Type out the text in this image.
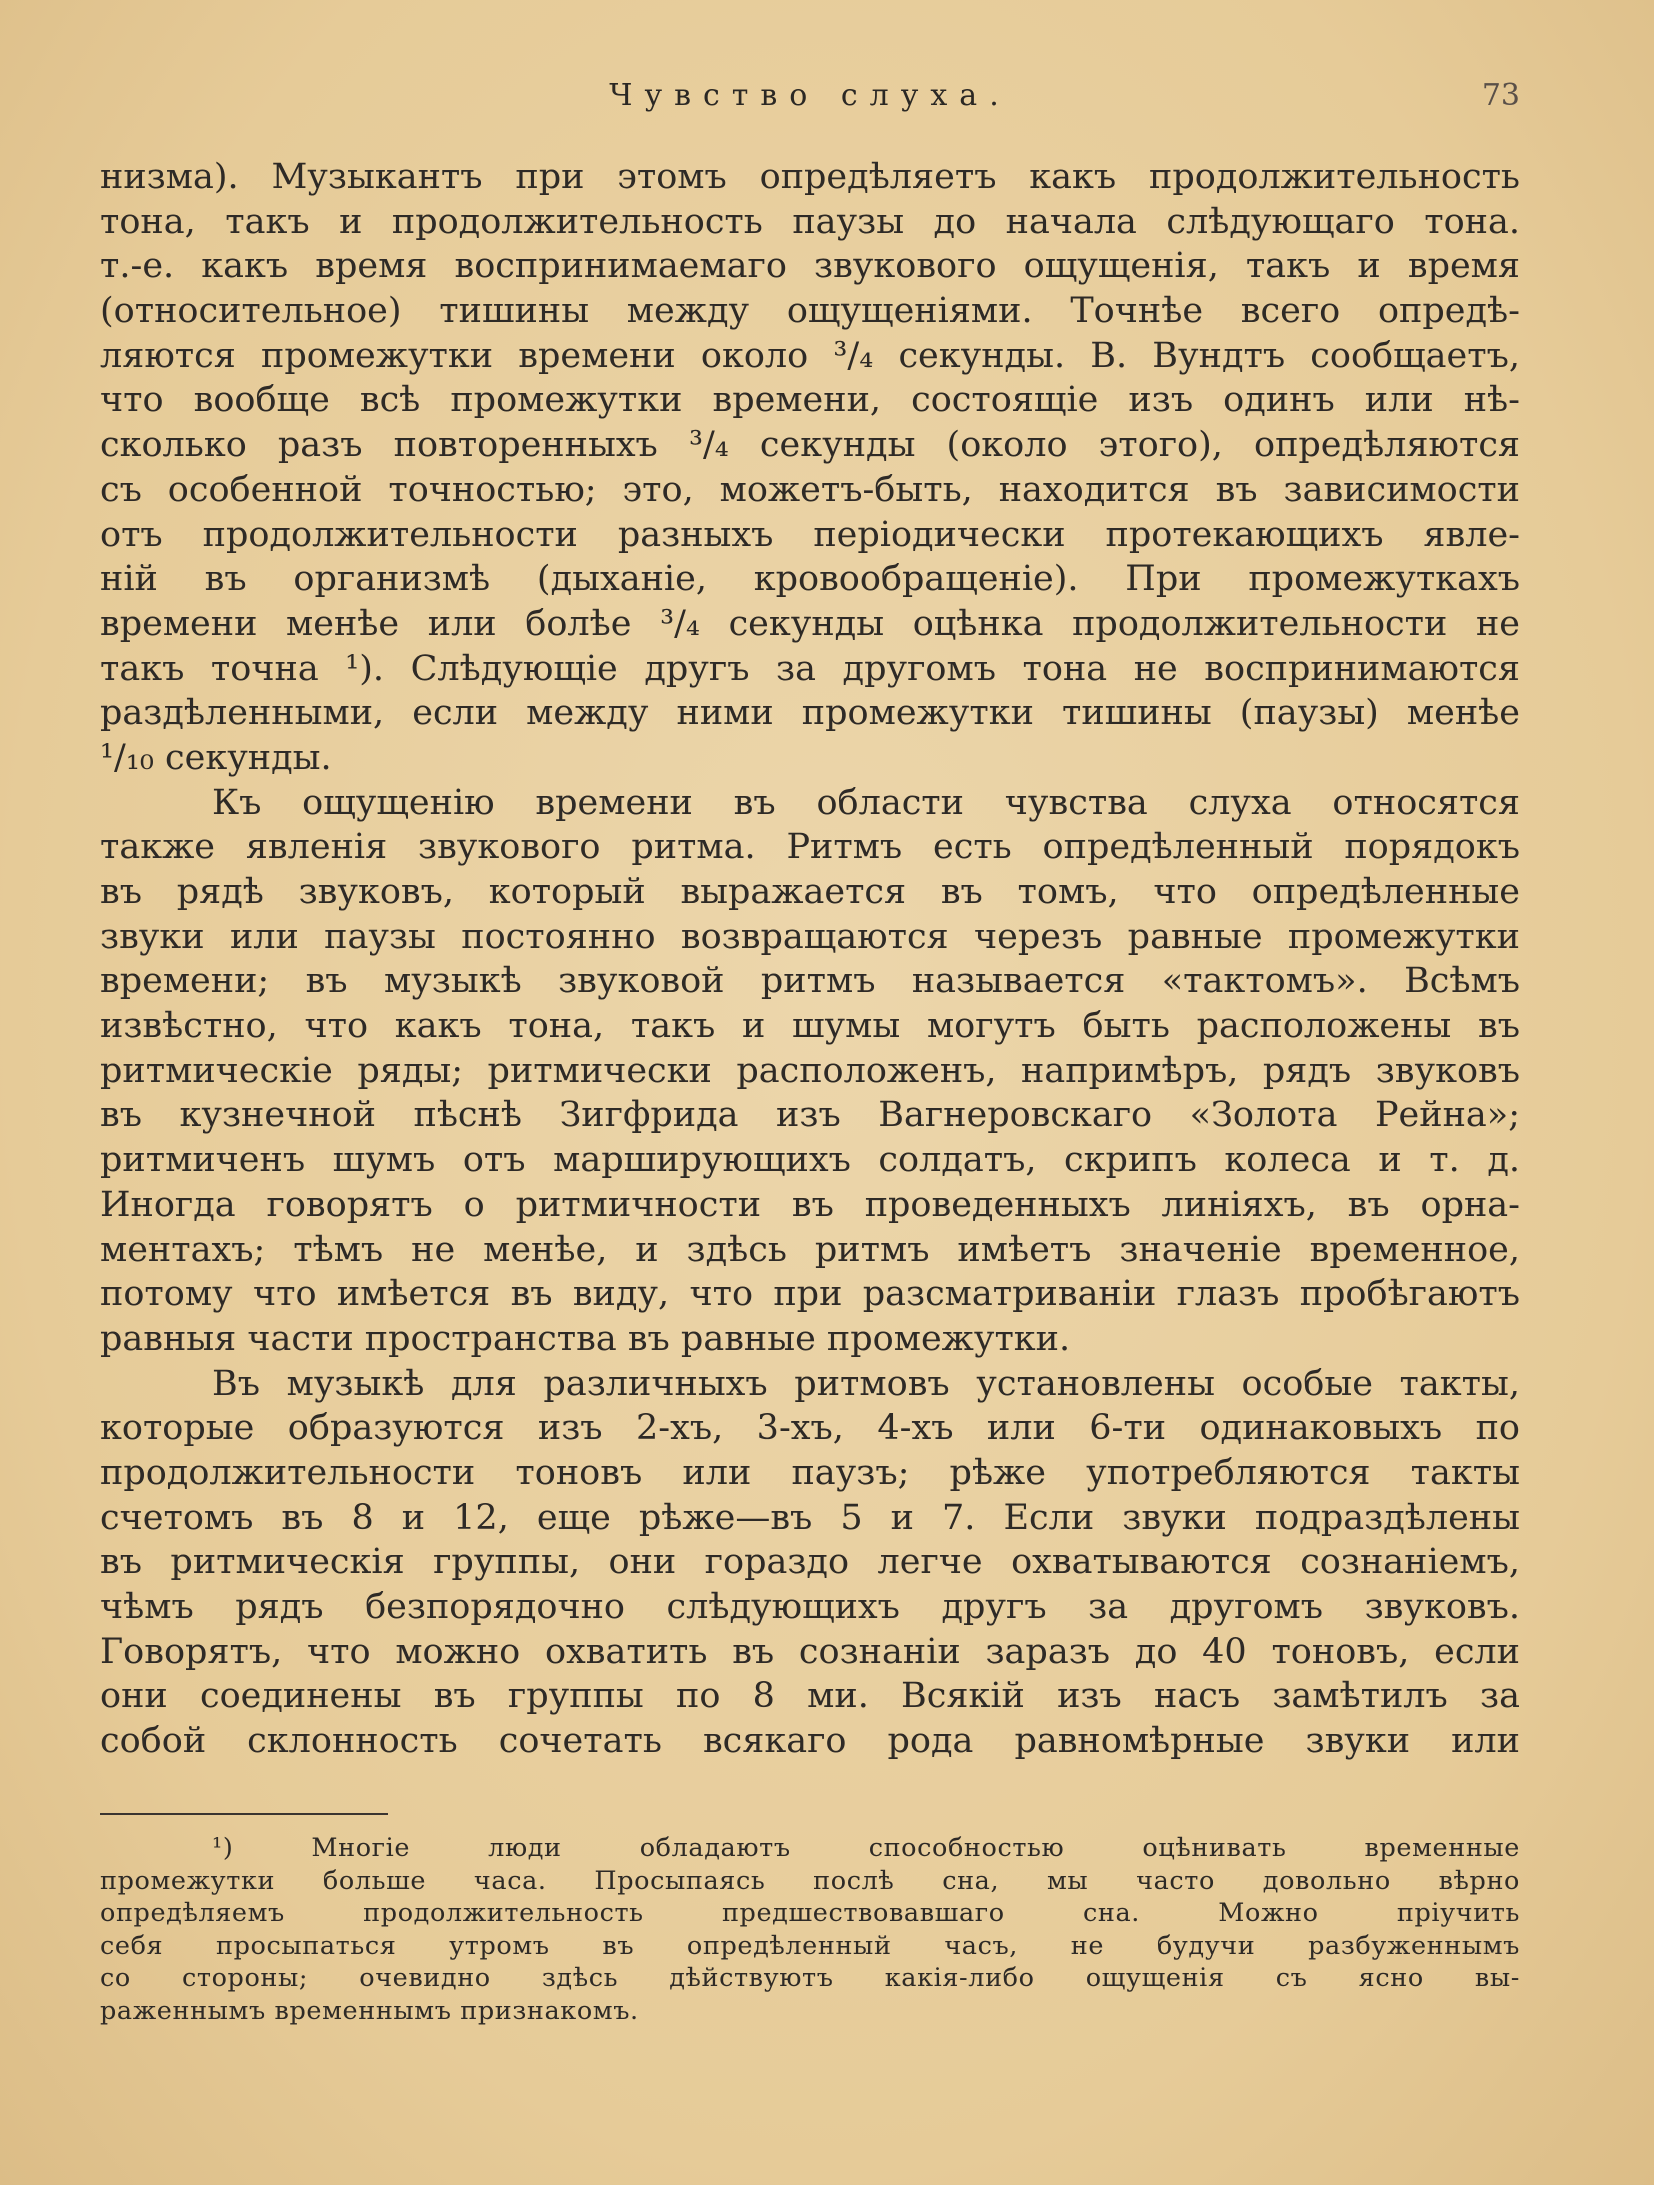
Чувство слуха.	73
низма). Музыкантъ при этомъ опредѣляетъ какъ продолжительность
тона, такъ и продолжительность паузы до начала слѣдующаго тона.
т.-е. какъ время воспринимаемаго звукового ощущенія, такъ и время
(относительное) тишины между ощущеніями. Точнѣе всего опредѣ-
ляются промежутки времени около ³/₄ секунды. В. Вундтъ сообщаетъ,
что вообще всѣ промежутки времени, состоящіе изъ одинъ или нѣ-
сколько разъ повторенныхъ ³/₄ секунды (около этого), опредѣляются
съ особенной точностью; это, можетъ-быть, находится въ зависимости
отъ продолжительности разныхъ періодически протекающихъ явле-
ній въ организмѣ (дыханіе, кровообращеніе). При промежуткахъ
времени менѣе или болѣе ³/₄ секунды оцѣнка продолжительности не
такъ точна ¹). Слѣдующіе другъ за другомъ тона не воспринимаются
раздѣленными, если между ними промежутки тишины (паузы) менѣе
¹/₁₀ секунды.
Къ ощущенію времени въ области чувства слуха относятся
также явленія звукового ритма. Ритмъ есть опредѣленный порядокъ
въ рядѣ звуковъ, который выражается въ томъ, что опредѣленные
звуки или паузы постоянно возвращаются черезъ равные промежутки
времени; въ музыкѣ звуковой ритмъ называется «тактомъ». Всѣмъ
извѣстно, что какъ тона, такъ и шумы могутъ быть расположены въ
ритмическіе ряды; ритмически расположенъ, напримѣръ, рядъ звуковъ
въ кузнечной пѣснѣ Зигфрида изъ Вагнеровскаго «Золота Рейна»;
ритмиченъ шумъ отъ марширующихъ солдатъ, скрипъ колеса и т. д.
Иногда говорятъ о ритмичности въ проведенныхъ линіяхъ, въ орна-
ментахъ; тѣмъ не менѣе, и здѣсь ритмъ имѣетъ значеніе временное,
потому что имѣется въ виду, что при разсматриваніи глазъ пробѣгаютъ
равныя части пространства въ равные промежутки.
Въ музыкѣ для различныхъ ритмовъ установлены особые такты,
которые образуются изъ 2-хъ, 3-хъ, 4-хъ или 6-ти одинаковыхъ по
продолжительности тоновъ или паузъ; рѣже употребляются такты
счетомъ въ 8 и 12, еще рѣже—въ 5 и 7. Если звуки подраздѣлены
въ ритмическія группы, они гораздо легче охватываются сознаніемъ,
чѣмъ рядъ безпорядочно слѣдующихъ другъ за другомъ звуковъ.
Говорятъ, что можно охватить въ сознаніи заразъ до 40 тоновъ, если
они соединены въ группы по 8 ми. Всякій изъ насъ замѣтилъ за
собой склонность сочетать всякаго рода равномѣрные звуки или
¹) Многіе люди обладаютъ способностью оцѣнивать временные
промежутки больше часа. Просыпаясь послѣ сна, мы часто довольно вѣрно
опредѣляемъ продолжительность предшествовавшаго сна. Можно пріучить
себя просыпаться утромъ въ опредѣленный часъ, не будучи разбуженнымъ
со стороны; очевидно здѣсь дѣйствуютъ какія-либо ощущенія съ ясно вы-
раженнымъ временнымъ признакомъ.
